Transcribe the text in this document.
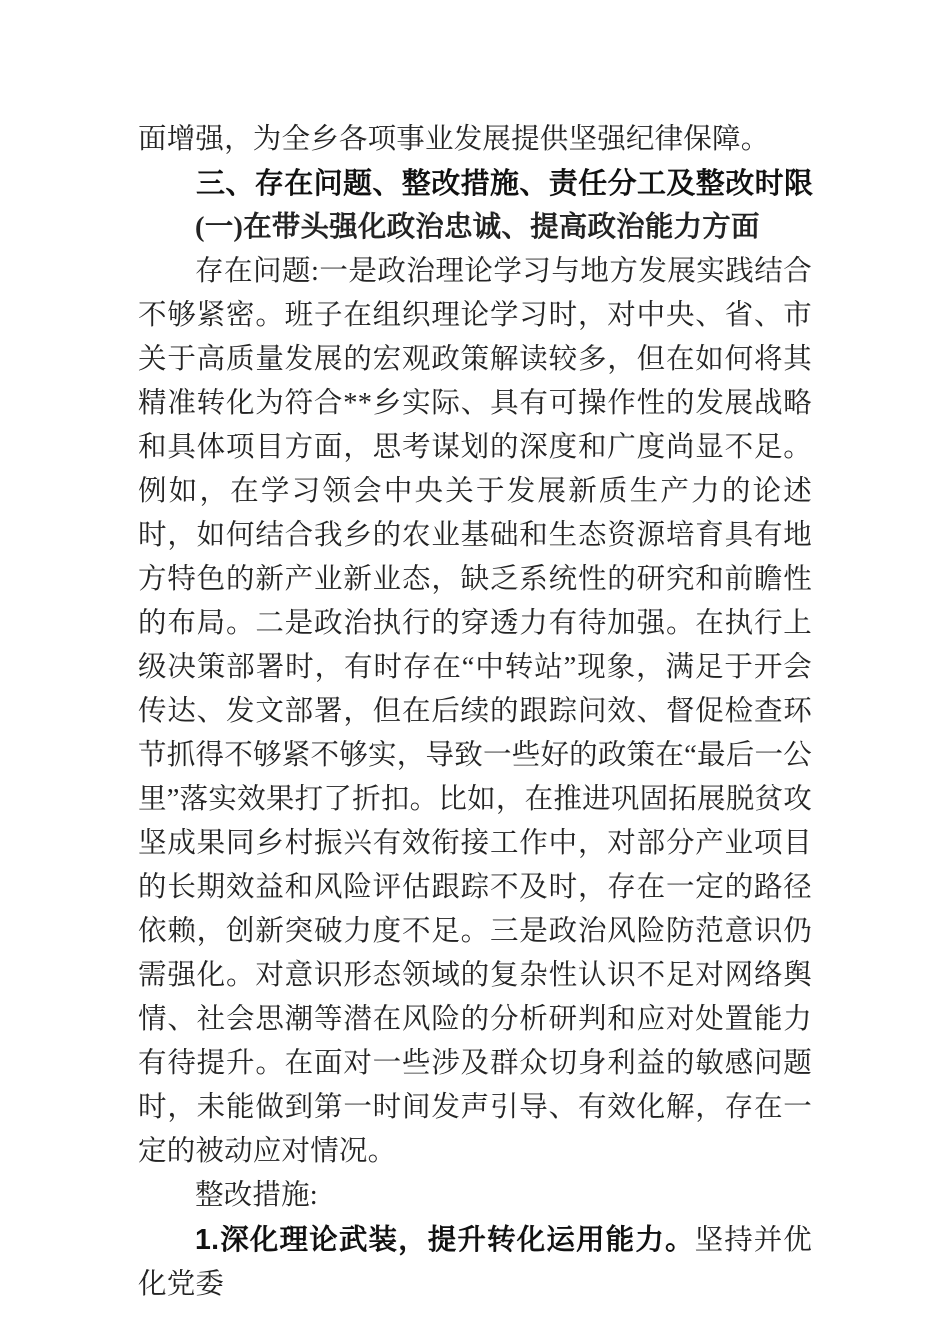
面增强，为全乡各项事业发展提供坚强纪律保障。

三、存在问题、整改措施、责任分工及整改时限
(一)在带头强化政治忠诚、提高政治能力方面

存在问题:一是政治理论学习与地方发展实践结合不够紧密。班子在组织理论学习时，对中央、省、市关于高质量发展的宏观政策解读较多，但在如何将其精准转化为符合**乡实际、具有可操作性的发展战略和具体项目方面，思考谋划的深度和广度尚显不足。例如，在学习领会中央关于发展新质生产力的论述时，如何结合我乡的农业基础和生态资源培育具有地方特色的新产业新业态，缺乏系统性的研究和前瞻性的布局。二是政治执行的穿透力有待加强。在执行上级决策部署时，有时存在“中转站”现象，满足于开会传达、发文部署，但在后续的跟踪问效、督促检查环节抓得不够紧不够实，导致一些好的政策在“最后一公里”落实效果打了折扣。比如，在推进巩固拓展脱贫攻坚成果同乡村振兴有效衔接工作中，对部分产业项目的长期效益和风险评估跟踪不及时，存在一定的路径依赖，创新突破力度不足。三是政治风险防范意识仍需强化。对意识形态领域的复杂性认识不足对网络舆情、社会思潮等潜在风险的分析研判和应对处置能力有待提升。在面对一些涉及群众切身利益的敏感问题时，未能做到第一时间发声引导、有效化解，存在一定的被动应对情况。

整改措施:

1.深化理论武装，提升转化运用能力。坚持并优化党委
